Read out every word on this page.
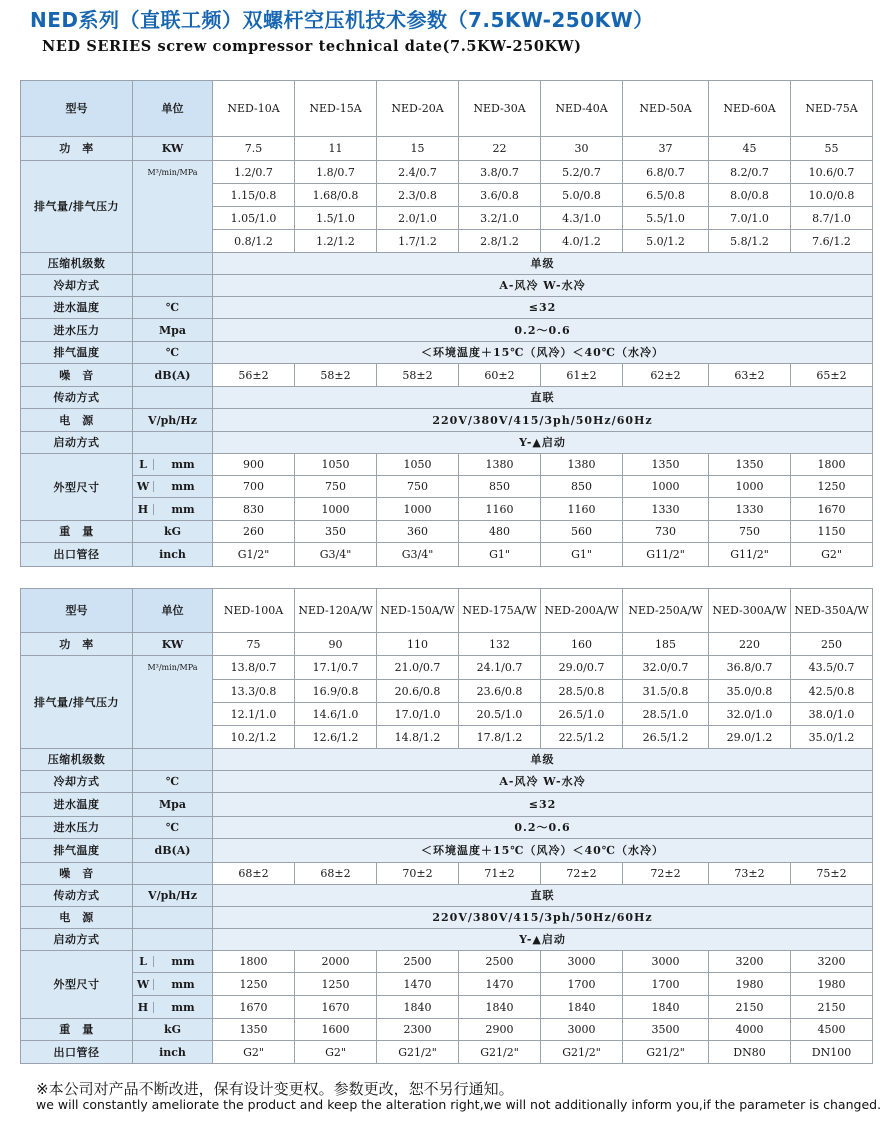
NED系列（直联工频）双螺杆空压机技术参数（7.5KW-250KW）
NED SERIES screw compressor technical date(7.5KW-250KW)
型号	单位	NED-10A	NED-15A	NED-20A	NED-30A	NED-40A	NED-50A	NED-60A	NED-75A
功　率	KW	7.5	11	15	22	30	37	45	55
排气量/排气压力	M³/min/MPa	1.2/0.7	1.8/0.7	2.4/0.7	3.8/0.7	5.2/0.7	6.8/0.7	8.2/0.7	10.6/0.7
		1.15/0.8	1.68/0.8	2.3/0.8	3.6/0.8	5.0/0.8	6.5/0.8	8.0/0.8	10.0/0.8
		1.05/1.0	1.5/1.0	2.0/1.0	3.2/1.0	4.3/1.0	5.5/1.0	7.0/1.0	8.7/1.0
		0.8/1.2	1.2/1.2	1.7/1.2	2.8/1.2	4.0/1.2	5.0/1.2	5.8/1.2	7.6/1.2
压缩机级数		单级							
冷却方式		A-风冷 W-水冷							
进水温度	℃	≤32							
进水压力	Mpa	0.2～0.6							
排气温度	℃	＜环境温度＋15℃（风冷）＜40℃（水冷）							
噪　音	dB(A)	56±2	58±2	58±2	60±2	61±2	62±2	63±2	65±2
传动方式		直联							
电　源	V/ph/Hz	220V/380V/415/3ph/50Hz/60Hz							
启动方式		Y-▲启动							
外型尺寸	L mm	900	1050	1050	1380	1380	1350	1350	1800

W mm	700	750	750	850	850	1000	1000	1250

H mm	830	1000	1000	1160	1160	1330	1330	1670
重　量	kG	260	350	360	480	560	730	750	1150
出口管径	inch	G1/2"	G3/4"	G3/4"	G1"	G1"	G11/2"	G11/2"	G2"
型号	单位	NED-100A	NED-120A/W	NED-150A/W	NED-175A/W	NED-200A/W	NED-250A/W	NED-300A/W	NED-350A/W
功　率	KW	75	90	110	132	160	185	220	250
排气量/排气压力	M³/min/MPa	13.8/0.7	17.1/0.7	21.0/0.7	24.1/0.7	29.0/0.7	32.0/0.7	36.8/0.7	43.5/0.7
		13.3/0.8	16.9/0.8	20.6/0.8	23.6/0.8	28.5/0.8	31.5/0.8	35.0/0.8	42.5/0.8
		12.1/1.0	14.6/1.0	17.0/1.0	20.5/1.0	26.5/1.0	28.5/1.0	32.0/1.0	38.0/1.0
		10.2/1.2	12.6/1.2	14.8/1.2	17.8/1.2	22.5/1.2	26.5/1.2	29.0/1.2	35.0/1.2
压缩机级数		单级							
冷却方式	℃	A-风冷 W-水冷							
进水温度	Mpa	≤32							
进水压力	℃	0.2～0.6							
排气温度	dB(A)	＜环境温度＋15℃（风冷）＜40℃（水冷）							
噪　音		68±2	68±2	70±2	71±2	72±2	72±2	73±2	75±2
传动方式	V/ph/Hz	直联							
电　源		220V/380V/415/3ph/50Hz/60Hz							
启动方式		Y-▲启动							
外型尺寸	L mm	1800	2000	2500	2500	3000	3000	3200	3200

W mm	1250	1250	1470	1470	1700	1700	1980	1980

H mm	1670	1670	1840	1840	1840	1840	2150	2150
重　量	kG	1350	1600	2300	2900	3000	3500	4000	4500
出口管径	inch	G2"	G2"	G21/2"	G21/2"	G21/2"	G21/2"	DN80	DN100
※本公司对产品不断改进，保有设计变更权。参数更改，恕不另行通知。
we will constantly ameliorate the product and keep the alteration right,we will not additionally inform you,if the parameter is changed.
